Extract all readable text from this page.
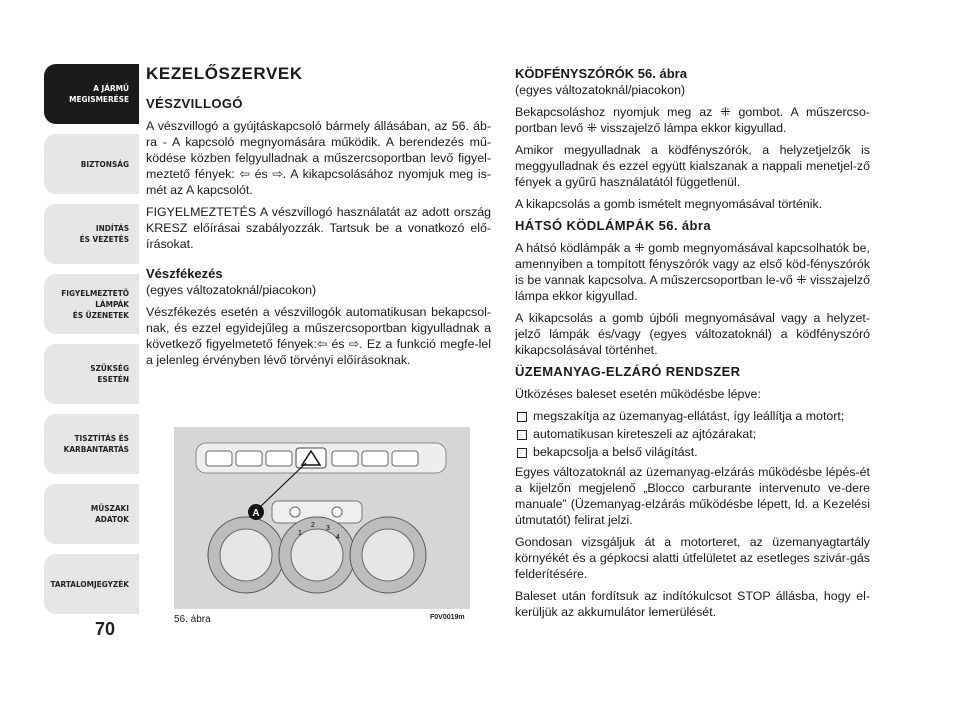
A JÁRMŰ
MEGISMERÉSE
BIZTONSÁG
INDÍTÁS
ÉS VEZETÉS
FIGYELMEZTETŐ
LÁMPÁK
ÉS ÜZENETEK
SZÜKSÉG
ESETÉN
TISZTÍTÁS ÉS
KARBANTARTÁS
MŰSZAKI
ADATOK
TARTALOMJEGYZÉK
70
KEZELŐSZERVEK
VÉSZVILLOGÓ

A vészvillogó a gyújtáskapcsoló bármely állásában, az 56. áb-ra - A kapcsoló megnyomására működik. A berendezés mű-ködése közben felgyulladnak a műszercsoportban levő figyel-meztető fények: ⇦ és ⇨. A kikapcsolásához nyomjuk meg is-mét az A kapcsolót.

FIGYELMEZTETÉS A vészvillogó használatát az adott ország KRESZ előírásai szabályozzák. Tartsuk be a vonatkozó elő-írásokat.

Vészfékezés

(egyes változatoknál/piacokon)

Vészfékezés esetén a vészvillogók automatikusan bekapcsol-nak, és ezzel egyidejűleg a műszercsoportban kigyulladnak a következő figyelmetető fények:⇦ és ⇨. Ez a funkció megfe-lel a jelenleg érvényben lévő törvényi előírásoknak.

KÖDFÉNYSZÓRÓK 56. ábra

(egyes változatoknál/piacokon)

Bekapcsoláshoz nyomjuk meg az ⁜ gombot. A műszercso-portban levő ⁜ visszajelző lámpa ekkor kigyullad.

Amikor megyulladnak a ködfényszórók, a helyzetjelzők is meggyulladnak és ezzel együtt kialszanak a nappali menetjel-ző fények a gyűrű használatától függetlenül.

A kikapcsolás a gomb ismételt megnyomásával történik.

HÁTSÓ KÖDLÁMPÁK 56. ábra

A hátsó ködlámpák a ⁜ gomb megnyomásával kapcsolhatók be, amennyiben a tompított fényszórók vagy az első köd-fényszórók is be vannak kapcsolva. A műszercsoportban le-vő ⁜ visszajelző lámpa ekkor kigyullad.

A kikapcsolás a gomb újbóli megnyomásával vagy a helyzet-jelző lámpák és/vagy (egyes változatoknál) a ködfényszóró kikapcsolásával történhet.

ÜZEMANYAG-ELZÁRÓ RENDSZER

Ütközéses baleset esetén működésbe lépve:

megszakítja az üzemanyag-ellátást, így leállítja a motort;
automatikusan kireteszeli az ajtózárakat;
bekapcsolja a belső világítást.

Egyes változatoknál az üzemanyag-elzárás működésbe lépés-ét a kijelzőn megjelenő „Blocco carburante intervenuto ve-dere manuale” (Üzemanyag-elzárás működésbe lépett, ld. a Kezelési útmutatót) felirat jelzi.

Gondosan vizsgáljuk át a motorteret, az üzemanyagtartály környékét és a gépkocsi alatti útfelületet az esetleges szivár-gás felderítésére.

Baleset után fordítsuk az indítókulcsot STOP állásba, hogy el-kerüljük az akkumulátor lemerülését.

1
2 3
4
A
56. ábra	F0V0019m
